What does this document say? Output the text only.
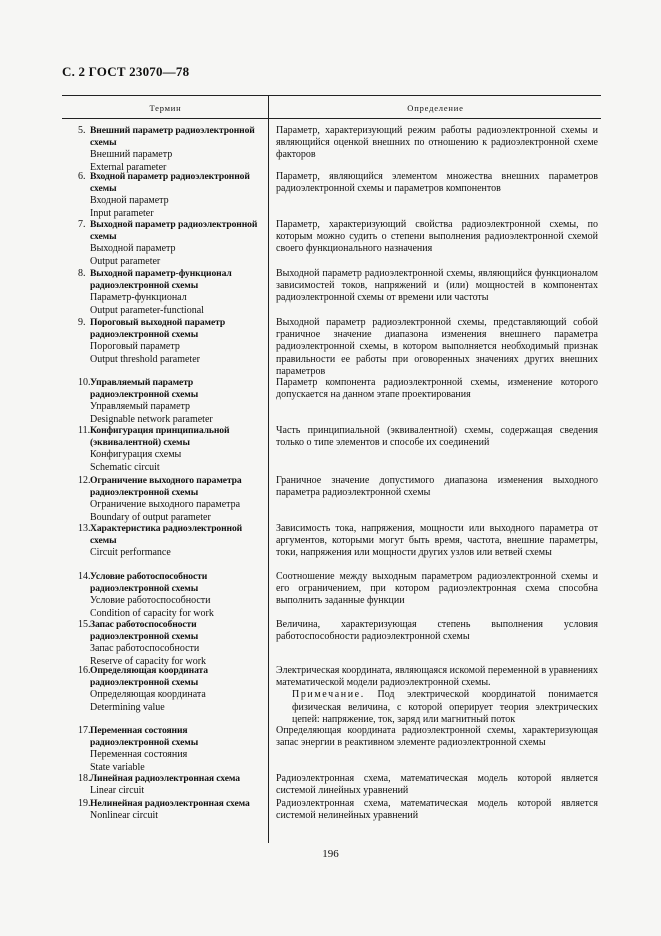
С. 2 ГОСТ 23070—78
Термин	Определение
5. Внешний параметр радиоэлектронной схемы
Внешний параметр
External parameter
Параметр, характеризующий режим работы радиоэлектронной схемы и являющийся оценкой внешних по отношению к радиоэлектронной схеме факторов
6. Входной параметр радиоэлектронной схемы
Входной параметр
Input parameter
Параметр, являющийся элементом множества внешних параметров радиоэлектронной схемы и параметров компонентов
7. Выходной параметр радиоэлектронной схемы
Выходной параметр
Output parameter
Параметр, характеризующий свойства радиоэлектронной схемы, по которым можно судить о степени выполнения радиоэлектронной схемой своего функционального назначения
8. Выходной параметр-функционал радиоэлектронной схемы
Параметр-функционал
Output parameter-functional
Выходной параметр радиоэлектронной схемы, являющийся функционалом зависимостей токов, напряжений и (или) мощностей в компонентах радиоэлектронной схемы от времени или частоты
9. Пороговый выходной параметр радиоэлектронной схемы
Пороговый параметр
Output threshold parameter
Выходной параметр радиоэлектронной схемы, представляющий собой граничное значение диапазона изменения внешнего параметра радиоэлектронной схемы, в котором выполняется необходимый признак правильности ее работы при оговоренных значениях других внешних параметров
10. Управляемый параметр радиоэлектронной схемы
Управляемый параметр
Designable network parameter
Параметр компонента радиоэлектронной схемы, изменение которого допускается на данном этапе проектирования
11. Конфигурация принципиальной (эквивалентной) схемы
Конфигурация схемы
Schematic circuit
Часть принципиальной (эквивалентной) схемы, содержащая сведения только о типе элементов и способе их соединений
12. Ограничение выходного параметра радиоэлектронной схемы
Ограничение выходного параметра
Boundary of output parameter
Граничное значение допустимого диапазона изменения выходного параметра радиоэлектронной схемы
13. Характеристика радиоэлектронной схемы
Circuit performance
Зависимость тока, напряжения, мощности или выходного параметра от аргументов, которыми могут быть время, частота, внешние параметры, токи, напряжения или мощности других узлов или ветвей схемы
14. Условие работоспособности радиоэлектронной схемы
Условие работоспособности
Condition of capacity for work
Соотношение между выходным параметром радиоэлектронной схемы и его ограничением, при котором радиоэлектронная схема способна выполнить заданные функции
15. Запас работоспособности радиоэлектронной схемы
Запас работоспособности
Reserve of capacity for work
Величина, характеризующая степень выполнения условия работоспособности радиоэлектронной схемы
16. Определяющая координата радиоэлектронной схемы
Определяющая координата
Determining value
Электрическая координата, являющаяся искомой переменной в уравнениях математической модели радиоэлектронной схемы.
Примечание. Под электрической координатой понимается физическая величина, с которой оперирует теория электрических цепей: напряжение, ток, заряд или магнитный поток
17. Переменная состояния радиоэлектронной схемы
Переменная состояния
State variable
Определяющая координата радиоэлектронной схемы, характеризующая запас энергии в реактивном элементе радиоэлектронной схемы
18. Линейная радиоэлектронная схема
Linear circuit
Радиоэлектронная схема, математическая модель которой является системой линейных уравнений
19. Нелинейная радиоэлектронная схема
Nonlinear circuit
Радиоэлектронная схема, математическая модель которой является системой нелинейных уравнений
196
